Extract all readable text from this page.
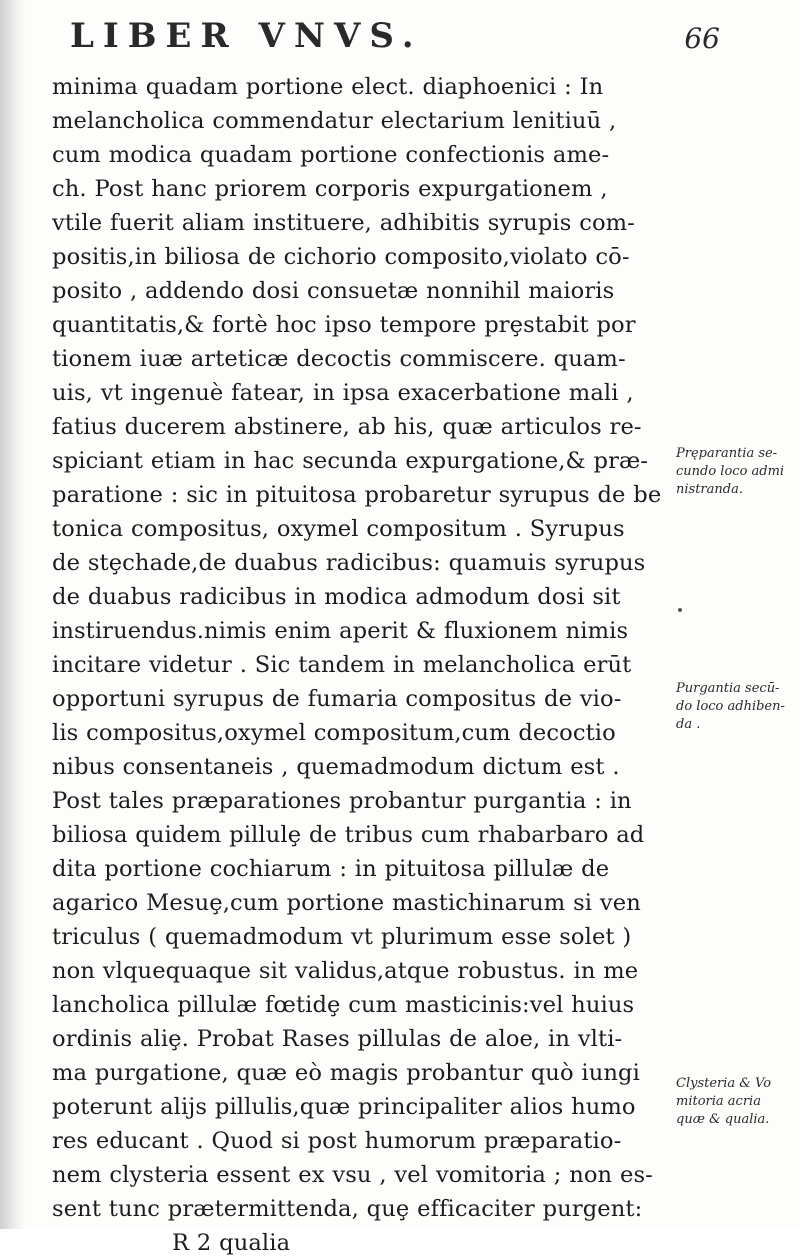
LIBER VNVS.	66
minima quadam portione elect. diaphoenici : In
melancholica commendatur electarium lenitiuū ,
cum modica quadam portione confectionis ame-
ch. Post hanc priorem corporis expurgationem ,
vtile fuerit aliam instituere, adhibitis syrupis com-
positis,in biliosa de cichorio composito,violato cō-
posito , addendo dosi consuetæ nonnihil maioris
quantitatis,& fortè hoc ipso tempore prȩstabit por
tionem iuæ arteticæ decoctis commiscere. quam-
uis, vt ingenuè fatear, in ipsa exacerbatione mali ,
fatius ducerem abstinere, ab his, quæ articulos re-
spiciant etiam in hac secunda expurgatione,& præ-
paratione : sic in pituitosa probaretur syrupus de be
tonica compositus, oxymel compositum . Syrupus
de stȩchade,de duabus radicibus: quamuis syrupus
de duabus radicibus in modica admodum dosi sit
instiruendus.nimis enim aperit & fluxionem nimis
incitare videtur . Sic tandem in melancholica erūt
opportuni syrupus de fumaria compositus de vio-
lis compositus,oxymel compositum,cum decoctio
nibus consentaneis , quemadmodum dictum est .
Post tales præparationes probantur purgantia : in
biliosa quidem pillulȩ de tribus cum rhabarbaro ad
dita portione cochiarum : in pituitosa pillulæ de
agarico Mesuȩ,cum portione mastichinarum si ven
triculus ( quemadmodum vt plurimum esse solet )
non vlquequaque sit validus,atque robustus. in me
lancholica pillulæ fœtidȩ cum masticinis:vel huius
ordinis aliȩ. Probat Rases pillulas de aloe, in vlti-
ma purgatione, quæ eò magis probantur quò iungi
poterunt alijs pillulis,quæ principaliter alios humo
res educant . Quod si post humorum præparatio-
nem clysteria essent ex vsu , vel vomitoria ; non es-
sent tunc prætermittenda, quȩ efficaciter purgent:
R 2 qualia
Pręparantia se-
cundo loco admi
nistranda.
Purgantia secū-
do loco adhiben-
da .
Clysteria & Vo
mitoria acria
quæ & qualia.
